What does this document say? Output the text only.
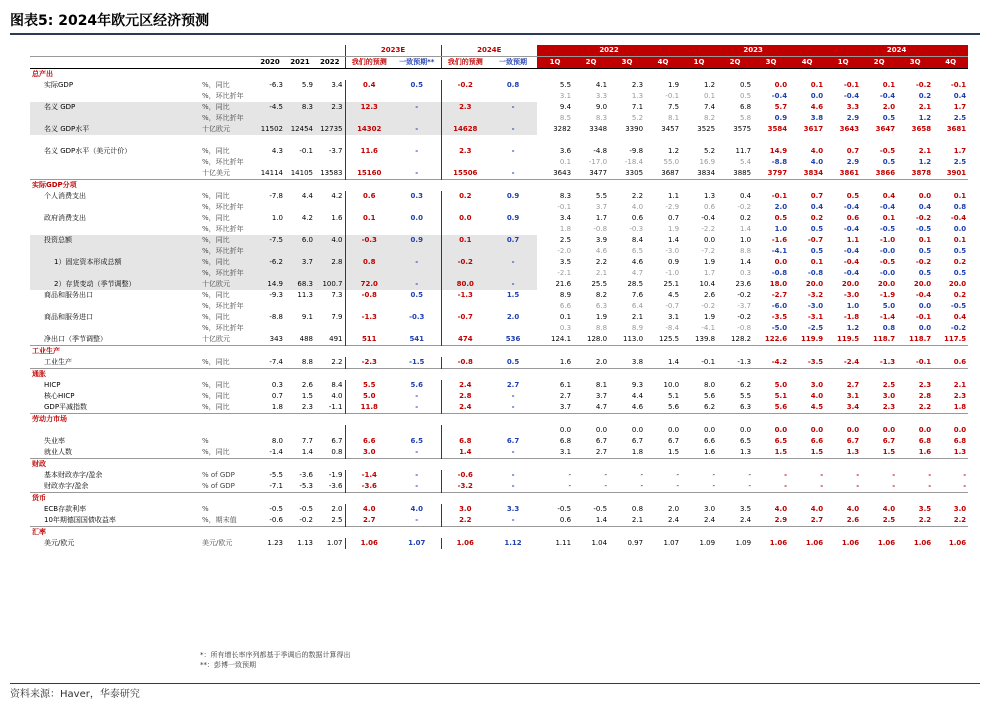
图表5: 2024年欧元区经济预测
					2023E		2024E		2022				2023				2024			
		2020	2021	2022	我们的预测	一致预期**	我们的预测	一致预期	1Q	2Q	3Q	4Q	1Q	2Q	3Q	4Q	1Q	2Q	3Q	4Q
总产出																				
实际GDP	%，同比	-6.3	5.9	3.4	0.4	0.5	-0.2	0.8	5.5	4.1	2.3	1.9	1.2	0.5	0.0	0.1	-0.1	0.1	-0.2	-0.1
	%，环比折年								3.1	3.3	1.3	-0.1	0.1	0.5	-0.4	0.0	-0.4	-0.4	0.2	0.4
名义 GDP	%，同比	-4.5	8.3	2.3	12.3	-	2.3	-	9.4	9.0	7.1	7.5	7.4	6.8	5.7	4.6	3.3	2.0	2.1	1.7
	%，环比折年								8.5	8.3	5.2	8.1	8.2	5.8	0.9	3.8	2.9	0.5	1.2	2.5
名义 GDP水平	十亿欧元	11502	12454	12735	14302	-	14628	-	3282	3348	3390	3457	3525	3575	3584	3617	3643	3647	3658	3681

名义 GDP水平（美元计价）	%，同比	4.3	-0.1	-3.7	11.6	-	2.3	-	3.6	-4.8	-9.8	1.2	5.2	11.7	14.9	4.0	0.7	-0.5	2.1	1.7
	%，环比折年								0.1	-17.0	-18.4	55.0	16.9	5.4	-8.8	4.0	2.9	0.5	1.2	2.5
	十亿美元	14114	14105	13583	15160	-	15506	-	3643	3477	3305	3687	3834	3885	3797	3834	3861	3866	3878	3901
实际GDP分项																				
个人消费支出	%，同比	-7.8	4.4	4.2	0.6	0.3	0.2	0.9	8.3	5.5	2.2	1.1	1.3	0.4	-0.1	0.7	0.5	0.4	0.0	0.1
	%，环比折年								-0.1	3.7	4.0	-2.9	0.6	-0.2	2.0	0.4	-0.4	-0.4	0.4	0.8
政府消费支出	%，同比	1.0	4.2	1.6	0.1	0.0	0.0	0.9	3.4	1.7	0.6	0.7	-0.4	0.2	0.5	0.2	0.6	0.1	-0.2	-0.4
	%，环比折年								1.8	-0.8	-0.3	1.9	-2.2	1.4	1.0	0.5	-0.4	-0.5	-0.5	0.0
投资总额	%，同比	-7.5	6.0	4.0	-0.3	0.9	0.1	0.7	2.5	3.9	8.4	1.4	0.0	1.0	-1.6	-0.7	1.1	-1.0	0.1	0.1
	%，环比折年								-2.0	4.6	6.5	-3.0	-7.2	8.8	-4.1	0.5	-0.4	-0.0	0.5	0.5
1）固定资本形成总额	%，同比	-6.2	3.7	2.8	0.8	-	-0.2	-	3.5	2.2	4.6	0.9	1.9	1.4	0.0	0.1	-0.4	-0.5	-0.2	0.2
	%，环比折年								-2.1	2.1	4.7	-1.0	1.7	0.3	-0.8	-0.8	-0.4	-0.0	0.5	0.5
2）存货变动（季节调整）	十亿欧元	14.9	68.3	100.7	72.0	-	80.0	-	21.6	25.5	28.5	25.1	10.4	23.6	18.0	20.0	20.0	20.0	20.0	20.0
商品和服务出口	%，同比	-9.3	11.3	7.3	-0.8	0.5	-1.3	1.5	8.9	8.2	7.6	4.5	2.6	-0.2	-2.7	-3.2	-3.0	-1.9	-0.4	0.2
	%，环比折年								6.6	6.3	6.4	-0.7	-0.2	-3.7	-6.0	-3.0	1.0	5.0	0.0	-0.5
商品和服务进口	%，同比	-8.8	9.1	7.9	-1.3	-0.3	-0.7	2.0	0.1	1.9	2.1	3.1	1.9	-0.2	-3.5	-3.1	-1.8	-1.4	-0.1	0.4
	%，环比折年								0.3	8.8	8.9	-8.4	-4.1	-0.8	-5.0	-2.5	1.2	0.8	0.0	-0.2
净出口（季节调整）	十亿欧元	343	488	491	511	541	474	536	124.1	128.0	113.0	125.5	139.8	128.2	122.6	119.9	119.5	118.7	118.7	117.5
工业生产																				
工业生产	%，同比	-7.4	8.8	2.2	-2.3	-1.5	-0.8	0.5	1.6	2.0	3.8	1.4	-0.1	-1.3	-4.2	-3.5	-2.4	-1.3	-0.1	0.6
通胀																				
HICP	%，同比	0.3	2.6	8.4	5.5	5.6	2.4	2.7	6.1	8.1	9.3	10.0	8.0	6.2	5.0	3.0	2.7	2.5	2.3	2.1
核心HICP	%，同比	0.7	1.5	4.0	5.0	-	2.8	-	2.7	3.7	4.4	5.1	5.6	5.5	5.1	4.0	3.1	3.0	2.8	2.3
GDP平减指数	%，同比	1.8	2.3	-1.1	11.8	-	2.4	-	3.7	4.7	4.6	5.6	6.2	6.3	5.6	4.5	3.4	2.3	2.2	1.8
劳动力市场																				
									0.0	0.0	0.0	0.0	0.0	0.0	0.0	0.0	0.0	0.0	0.0	0.0
失业率	%	8.0	7.7	6.7	6.6	6.5	6.8	6.7	6.8	6.7	6.7	6.7	6.6	6.5	6.5	6.6	6.7	6.7	6.8	6.8
就业人数	%，同比	-1.4	1.4	0.8	3.0	-	1.4	-	3.1	2.7	1.8	1.5	1.6	1.3	1.5	1.5	1.3	1.5	1.6	1.3
财政																				
基本财政赤字/盈余	% of GDP	-5.5	-3.6	-1.9	-1.4	-	-0.6	-	-	-	-	-	-	-	-	-	-	-	-	-
财政赤字/盈余	% of GDP	-7.1	-5.3	-3.6	-3.6	-	-3.2	-	-	-	-	-	-	-	-	-	-	-	-	-
货币																				
ECB存款利率	%	-0.5	-0.5	2.0	4.0	4.0	3.0	3.3	-0.5	-0.5	0.8	2.0	3.0	3.5	4.0	4.0	4.0	4.0	3.5	3.0
10年期德国国债收益率	%，期末值	-0.6	-0.2	2.5	2.7	-	2.2	-	0.6	1.4	2.1	2.4	2.4	2.4	2.9	2.7	2.6	2.5	2.2	2.2
汇率																				
美元/欧元	美元/欧元	1.23	1.13	1.07	1.06	1.07	1.06	1.12	1.11	1.04	0.97	1.07	1.09	1.09	1.06	1.06	1.06	1.06	1.06	1.06
*：所有增长率序列都基于季调后的数据计算得出
**：彭博一致预期
资料来源：Haver，华泰研究
